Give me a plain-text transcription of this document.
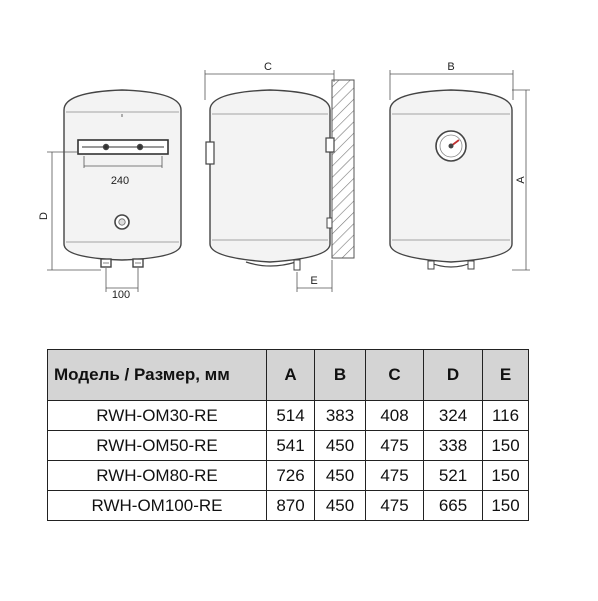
240
D
100
C
E
B
A
Модель / Размер, мм	A	B	C	D	E
RWH-OM30-RE	514	383	408	324	116
RWH-OM50-RE	541	450	475	338	150
RWH-OM80-RE	726	450	475	521	150
RWH-OM100-RE	870	450	475	665	150
